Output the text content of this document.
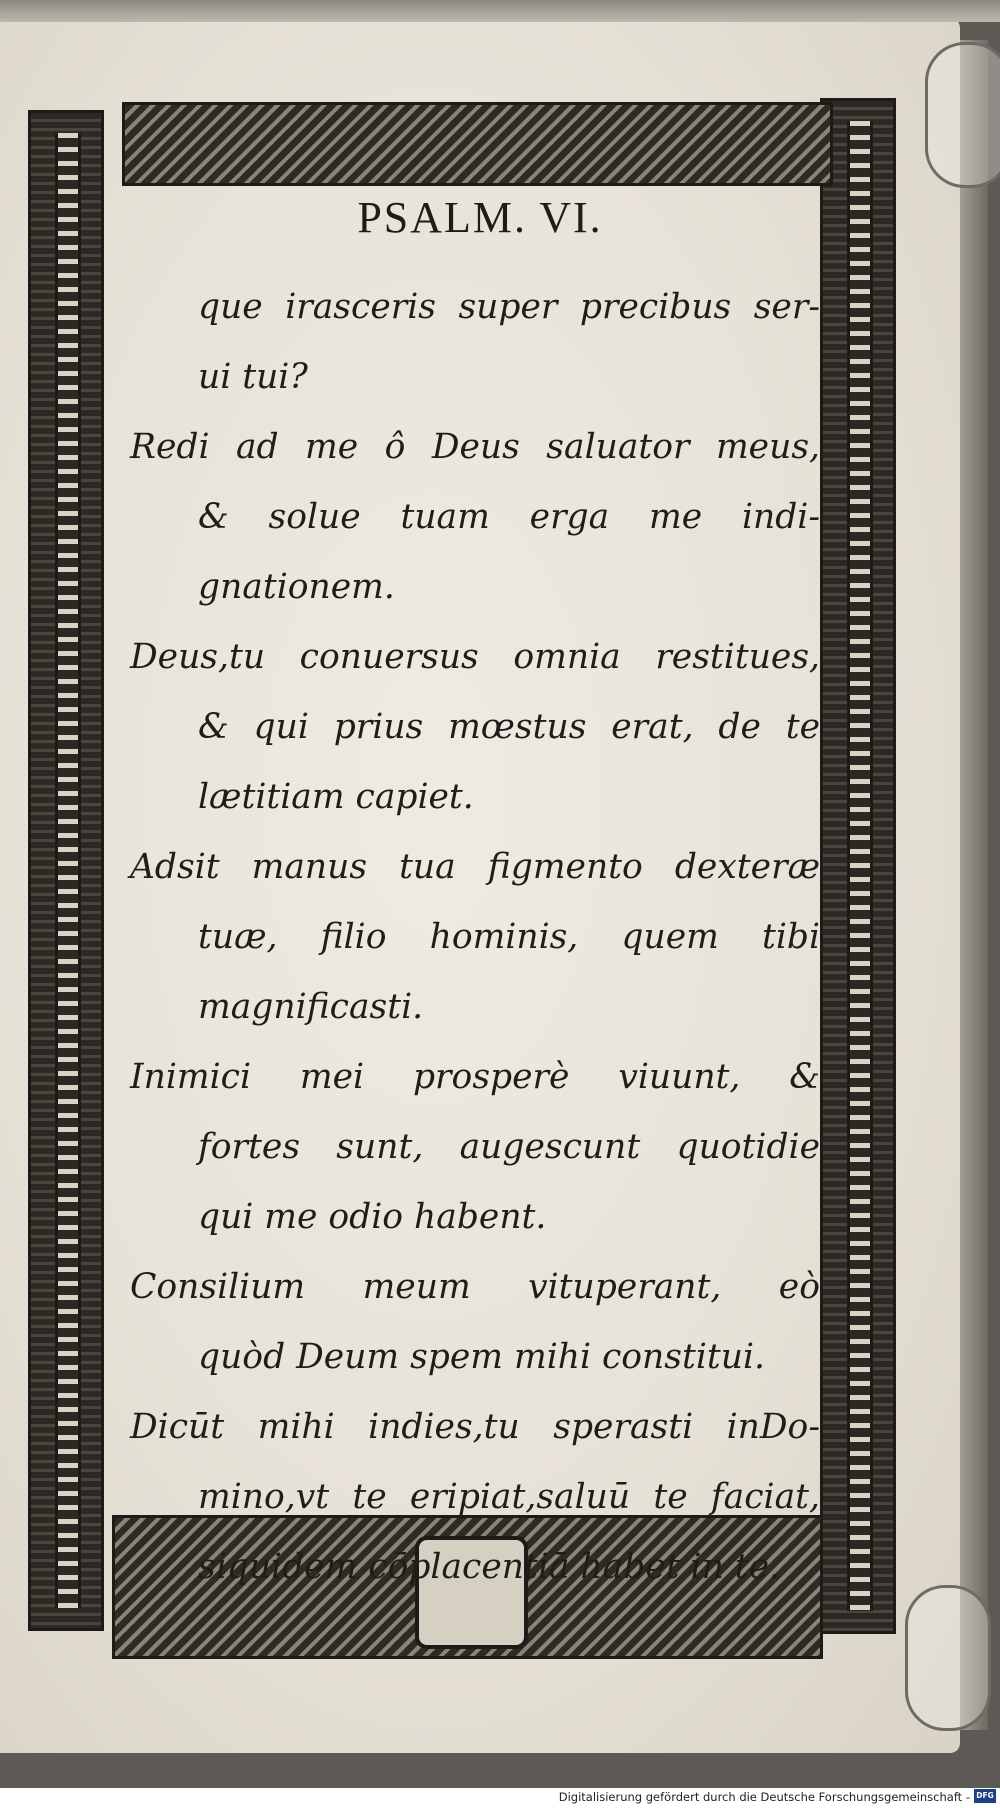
PSALM. VI.
que irasceris super precibus ser-
ui tui?
Redi ad me ô Deus saluator meus,
& solue tuam erga me indi-
gnationem.
Deus,tu conuersus omnia restitues,
& qui prius mœstus erat, de te
lætitiam capiet.
Adsit manus tua figmento dexteræ
tuæ, filio hominis, quem tibi
magnificasti.
Inimici mei prosperè viuunt, &
fortes sunt, augescunt quotidie
qui me odio habent.
Consilium meum vituperant, eò
quòd Deum spem mihi constitui.
Dicūt mihi indies,tu sperasti inDo-
mino,vt te eripiat,saluū te faciat,
siquidem cōplacentiā habet in te.
Digitalisierung gefördert durch die Deutsche Forschungsgemeinschaft - DFG
